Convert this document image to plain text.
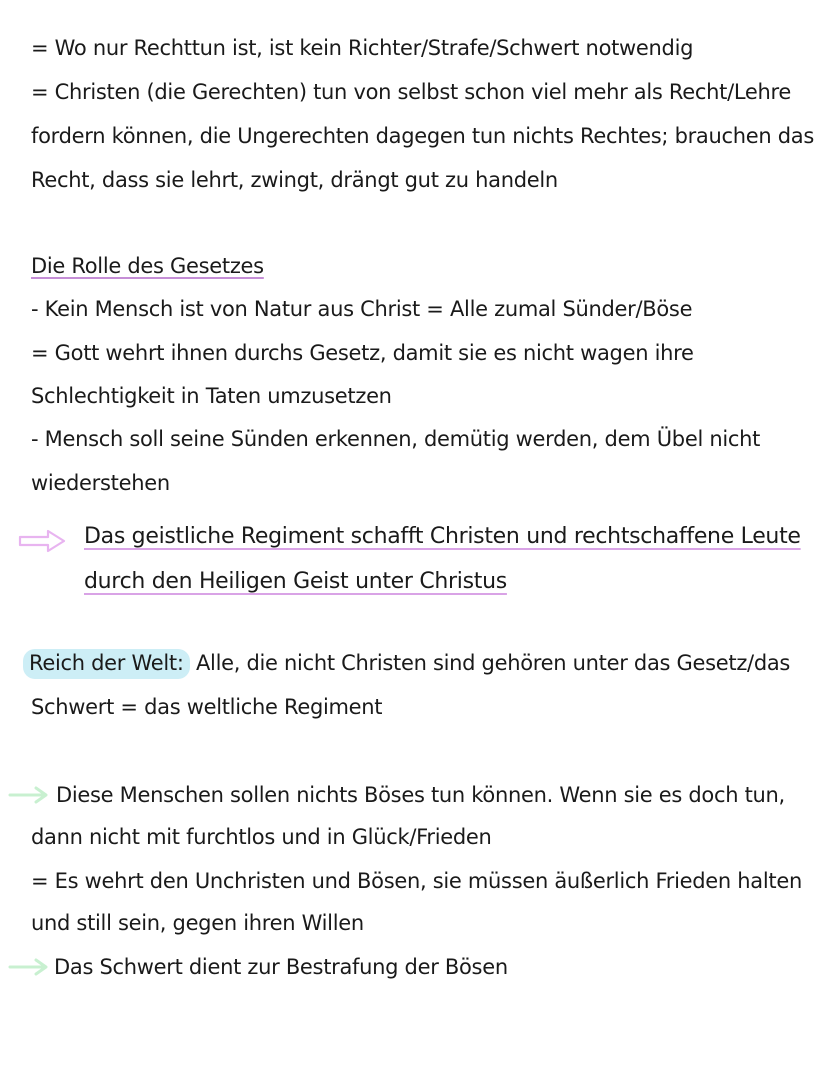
= Wo nur Rechttun ist, ist kein Richter/Strafe/Schwert notwendig
= Christen (die Gerechten) tun von selbst schon viel mehr als Recht/Lehre
fordern können, die Ungerechten dagegen tun nichts Rechtes; brauchen das
Recht, dass sie lehrt, zwingt, drängt gut zu handeln
Die Rolle des Gesetzes
- Kein Mensch ist von Natur aus Christ = Alle zumal Sünder/Böse
= Gott wehrt ihnen durchs Gesetz, damit sie es nicht wagen ihre
Schlechtigkeit in Taten umzusetzen
- Mensch soll seine Sünden erkennen, demütig werden, dem Übel nicht
wiederstehen
Das geistliche Regiment schafft Christen und rechtschaffene Leute
durch den Heiligen Geist unter Christus
Reich der Welt: Alle, die nicht Christen sind gehören unter das Gesetz/das
Schwert = das weltliche Regiment
Diese Menschen sollen nichts Böses tun können. Wenn sie es doch tun,
dann nicht mit furchtlos und in Glück/Frieden
= Es wehrt den Unchristen und Bösen, sie müssen äußerlich Frieden halten
und still sein, gegen ihren Willen
Das Schwert dient zur Bestrafung der Bösen
